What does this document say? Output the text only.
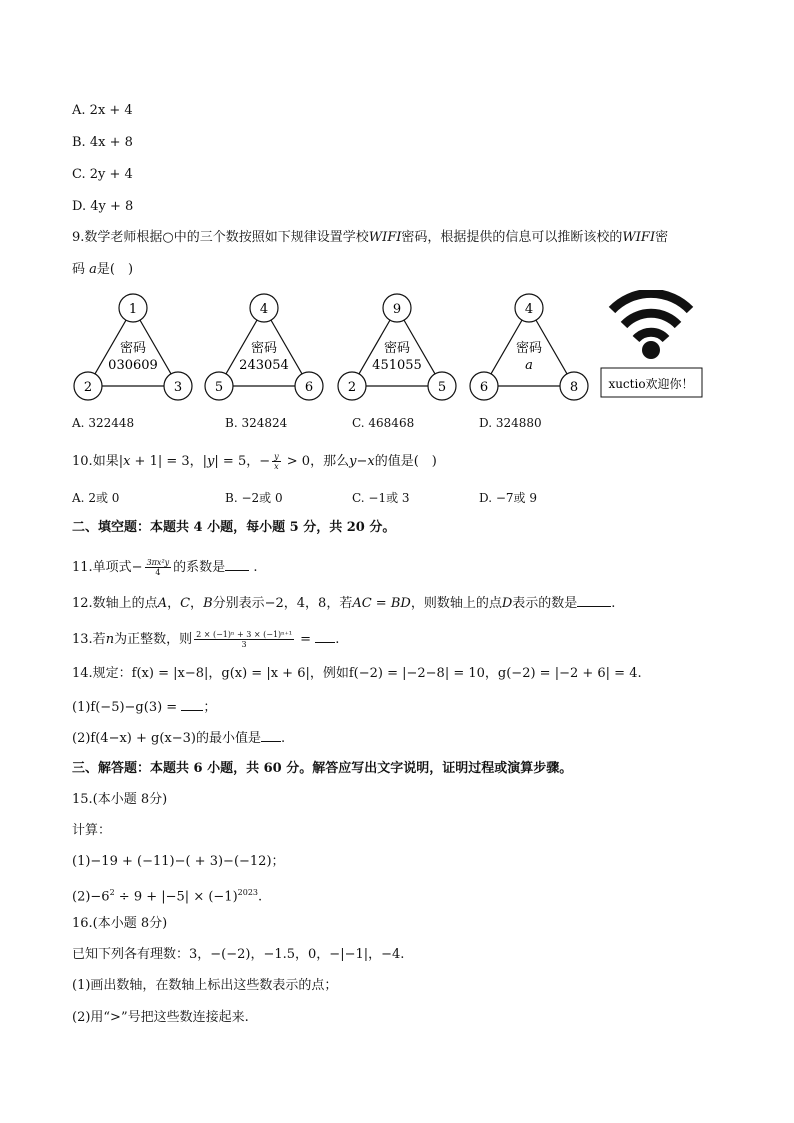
A. 2x + 4
B. 4x + 8
C. 2y + 4
D. 4y + 8
9.数学老师根据○中的三个数按照如下规律设置学校WIFI密码，根据提供的信息可以推断该校的WIFI密
码 a是(　)
1
2	3
密码
030609
4
5	6
密码
243054
9
2	5
密码
451055
4
6	8
密码
a
xuctio欢迎你！
A. 322448	B. 324824	C. 468468	D. 324880
10.如果|x + 1| = 3，|y| = 5，− $\frac{y}{x} > 0$，那么y−x的值是(　)
A. 2或 0	B. −2或 0	C. −1或 3	D. −7或 9
二、填空题：本题共 4 小题，每小题 5 分，共 20 分。
11.单项式− $\frac{\text{3πx²y}}{4}$ 的系数是 .
12.数轴上的点A，C，B分别表示−2，4，8，若AC = BD，则数轴上的点D表示的数是	.
13.若n为正整数，则 $\frac{\text{2 × (−1)ⁿ + 3 × (−1)ⁿ⁺¹}}{3}$ = .
14.规定：f(x) = |x−8|，g(x) = |x + 6|，例如f(−2) = |−2−8| = 10，g(−2) = |−2 + 6| = 4.
(1)f(−5)−g(3) = ；
(2)f(4−x) + g(x−3)的最小值是 .
三、解答题：本题共 6 小题，共 60 分。解答应写出文字说明，证明过程或演算步骤。
15.(本小题 8分)
计算：
(1)−19 + (−11)−( + 3)−(−12)；
$(2)-6^2 \div 9 + |-5| \times (-1)^{2023}$.
16.(本小题 8分)
已知下列各有理数：3，−(−2)，−1.5，0，−|−1|，−4.
(1)画出数轴，在数轴上标出这些数表示的点；
(2)用“>”号把这些数连接起来.
